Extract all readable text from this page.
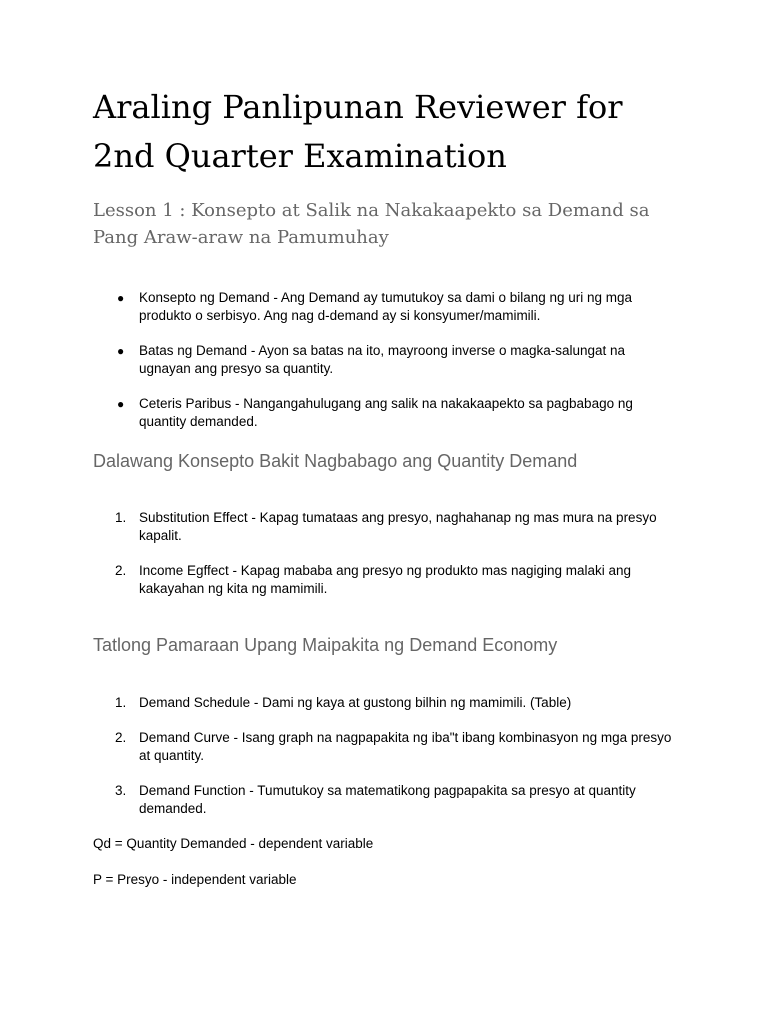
Araling Panlipunan Reviewer for 2nd Quarter Examination
Lesson 1 : Konsepto at Salik na Nakakaapekto sa Demand sa Pang Araw-araw na Pamumuhay
●	Konsepto ng Demand - Ang Demand ay tumutukoy sa dami o bilang ng uri ng mga produkto o serbisyo. Ang nag d-demand ay si konsyumer/mamimili.
●	Batas ng Demand - Ayon sa batas na ito, mayroong inverse o magka-salungat na ugnayan ang presyo sa quantity.
●	Ceteris Paribus - Nangangahulugang ang salik na nakakaapekto sa pagbabago ng quantity demanded.
Dalawang Konsepto Bakit Nagbabago ang Quantity Demand
1. Substitution Effect - Kapag tumataas ang presyo, naghahanap ng mas mura na presyo kapalit.
2. Income Egffect - Kapag mababa ang presyo ng produkto mas nagiging malaki ang kakayahan ng kita ng mamimili.
Tatlong Pamaraan Upang Maipakita ng Demand Economy
1. Demand Schedule - Dami ng kaya at gustong bilhin ng mamimili. (Table)
2. Demand Curve - Isang graph na nagpapakita ng iba"t ibang kombinasyon ng mga presyo at quantity.
3. Demand Function - Tumutukoy sa matematikong pagpapakita sa presyo at quantity demanded.

Qd = Quantity Demanded - dependent variable

P = Presyo - independent variable
